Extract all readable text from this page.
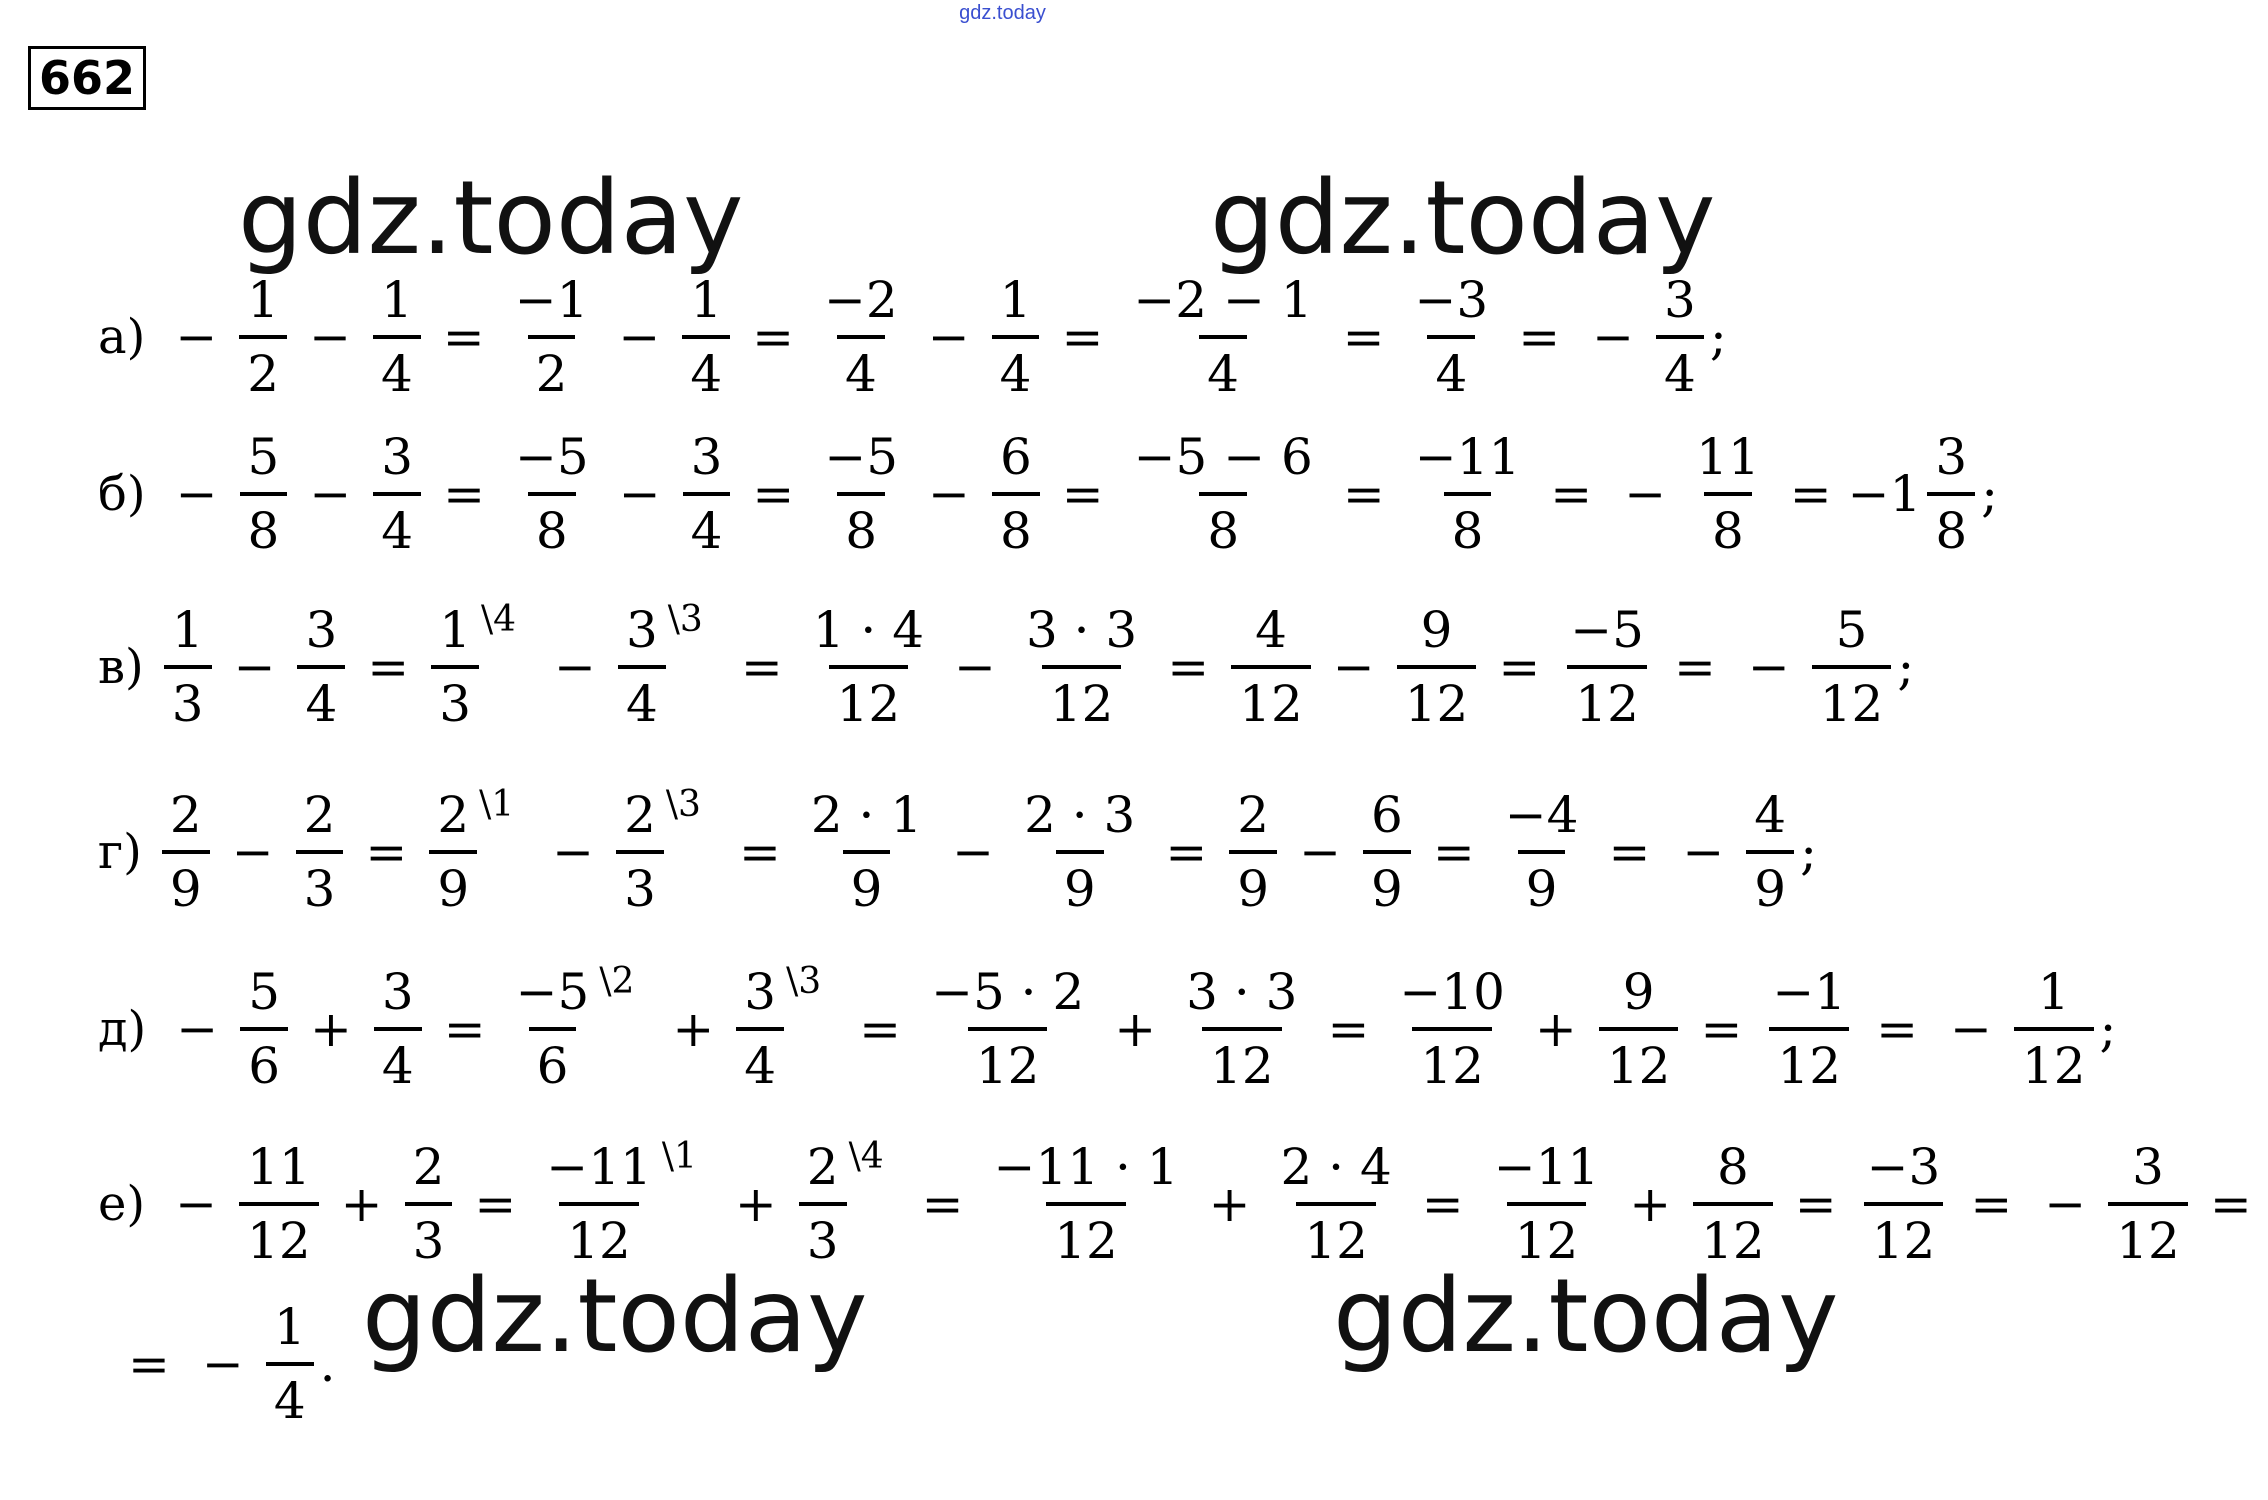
gdz.today
662
gdz.today	gdz.today
gdz.today	gdz.today
$а) - \frac{1}{2} - \frac{1}{4} = \frac{-1}{2} - \frac{1}{4} = \frac{-2}{4} - \frac{1}{4} = \frac{-2 - 1}{4} = \frac{-3}{4}$ = − $\frac{3}{4}$ ;
$б) - \frac{5}{8} - \frac{3}{4} = \frac{-5}{8} - \frac{3}{4} = \frac{-5}{8} - \frac{6}{8} = \frac{-5 - 6}{8} = \frac{-11}{8}$ = − $\frac{11}{8} = -1 \frac{3}{8}$ ;
$в) \frac{1}{3} - \frac{3}{4} = \frac{1}{3}$ \4
− $\frac{3}{4}$ \3
= $\frac{1 \cdot 4}{12} - \frac{3 \cdot 3}{12} = \frac{4}{12} - \frac{9}{12} = \frac{-5}{12}$ = − $\frac{5}{12}$ ;
$г) \frac{2}{9} - \frac{2}{3} = \frac{2}{9}$ \1
− $\frac{2}{3}$ \3
= $\frac{2 \cdot 1}{9} - \frac{2 \cdot 3}{9} = \frac{2}{9} - \frac{6}{9} = \frac{-4}{9}$ = − $\frac{4}{9}$ ;
$д) - \frac{5}{6} + \frac{3}{4} = \frac{-5}{6}$ \2
+ $\frac{3}{4}$ \3
= $\frac{-5 \cdot 2}{12} + \frac{3 \cdot 3}{12} = \frac{-10}{12} + \frac{9}{12} = \frac{-1}{12}$ = − $\frac{1}{12}$ ;
$е) - \frac{11}{12} + \frac{2}{3} = \frac{-11}{12}$ \1
+ $\frac{2}{3}$ \4
= $\frac{-11 \cdot 1}{12} + \frac{2 \cdot 4}{12} = \frac{-11}{12} + \frac{8}{12} = \frac{-3}{12}$ = − $\frac{3}{12}$ =
= − $\frac{1}{4}$ .
